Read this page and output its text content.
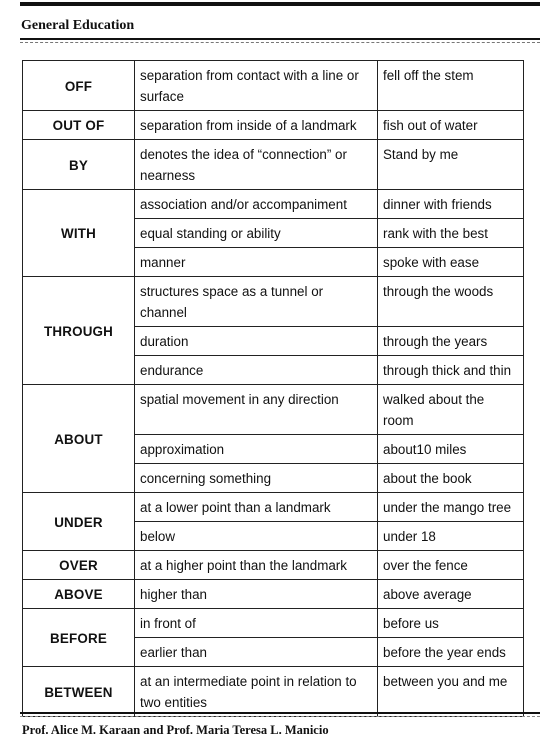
General Education
OFF	separation from contact with a line or surface	fell off the stem
OUT OF	separation from inside of a landmark	fish out of water
BY	denotes the idea of “connection” or nearness	Stand by me
WITH	association and/or accompaniment	dinner with friends
	equal standing or ability	rank with the best
	manner	spoke with ease
THROUGH	structures space as a tunnel or channel	through the woods
	duration	through the years
	endurance	through thick and thin
ABOUT	spatial movement in any direction	walked about the room
	approximation	about10 miles
	concerning something	about the book
UNDER	at a lower point than a landmark	under the mango tree
	below	under 18
OVER	at a higher point than the landmark	over the fence
ABOVE	higher than	above average
BEFORE	in front of	before us
	earlier than	before the year ends
BETWEEN	at an intermediate point in relation to two entities	between you and me
Prof. Alice M. Karaan and Prof. Maria Teresa L. Manicio
